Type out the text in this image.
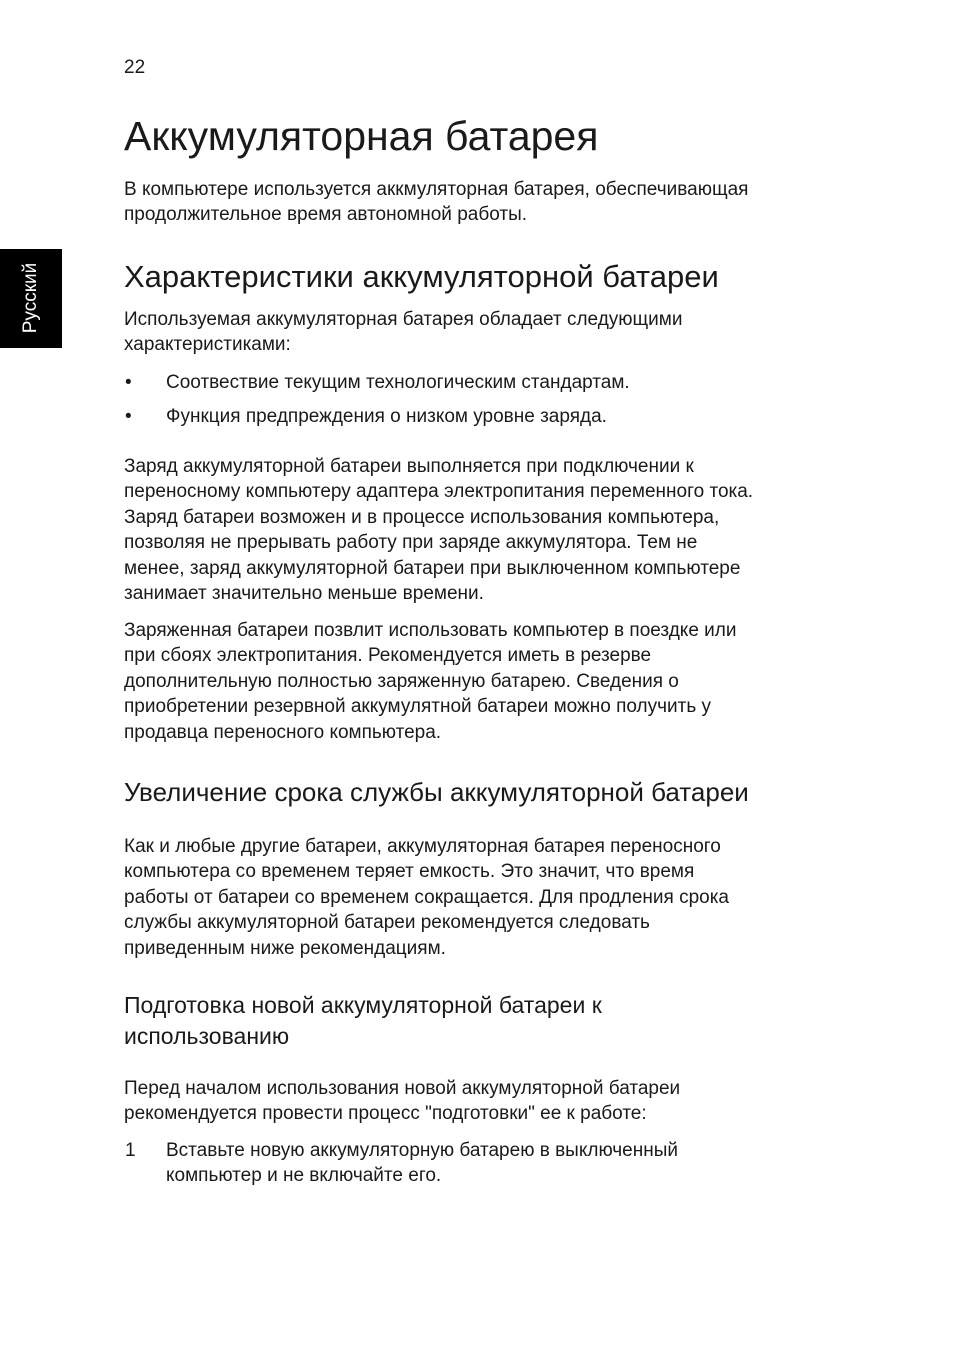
22
Русский
Аккумуляторная батарея

В компьютере используется аккмуляторная батарея, обеспечивающая
продолжительное время автономной работы.

Характеристики аккумуляторной батареи

Используемая аккумуляторная батарея обладает следующими
характеристиками:

• Соотвествие текущим технологическим стандартам.
• Функция предпреждения о низком уровне заряда.

Заряд аккумуляторной батареи выполняется при подключении к
переносному компьютеру адаптера электропитания переменного тока.
Заряд батареи возможен и в процессе использования компьютера,
позволяя не прерывать работу при заряде аккумулятора. Тем не
менее, заряд аккумуляторной батареи при выключенном компьютере
занимает значительно меньше времени.

Заряженная батареи позвлит использовать компьютер в поездке или
при сбоях электропитания. Рекомендуется иметь в резерве
дополнительную полностью заряженную батарею. Сведения о
приобретении резервной аккумулятной батареи можно получить у
продавца переносного компьютера.

Увеличение срока службы аккумуляторной батареи

Как и любые другие батареи, аккумуляторная батарея переносного
компьютера со временем теряет емкость. Это значит, что время
работы от батареи со временем сокращается. Для продления срока
службы аккумуляторной батареи рекомендуется следовать
приведенным ниже рекомендациям.

Подготовка новой аккумуляторной батареи к
использованию

Перед началом использования новой аккумуляторной батареи
рекомендуется провести процесс "подготовки" ее к работе:

1 Вставьте новую аккумуляторную батарею в выключенный
компьютер и не включайте его.
